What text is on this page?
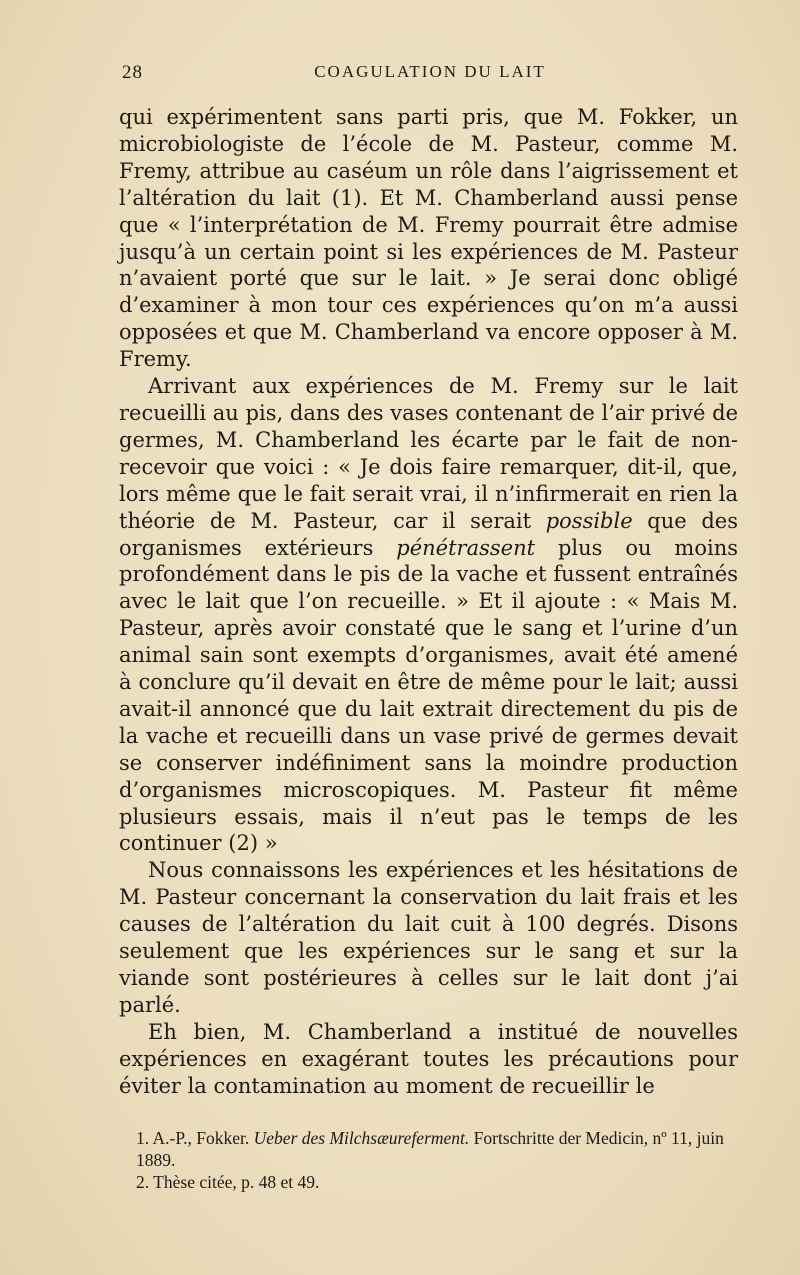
28	COAGULATION DU LAIT

qui expérimentent sans parti pris, que M. Fokker, un microbiologiste de l’école de M. Pasteur, comme M. Fremy, attribue au caséum un rôle dans l’aigrissement et l’altération du lait (1). Et M. Chamberland aussi pense que « l’interprétation de M. Fremy pourrait être admise jusqu’à un certain point si les expériences de M. Pasteur n’avaient porté que sur le lait. » Je serai donc obligé d’examiner à mon tour ces expériences qu’on m’a aussi opposées et que M. Chamberland va encore opposer à M. Fremy.

Arrivant aux expériences de M. Fremy sur le lait recueilli au pis, dans des vases contenant de l’air privé de germes, M. Chamberland les écarte par le fait de non-recevoir que voici : « Je dois faire remarquer, dit-il, que, lors même que le fait serait vrai, il n’infirmerait en rien la théorie de M. Pasteur, car il serait possible que des organismes extérieurs pénétrassent plus ou moins profondément dans le pis de la vache et fussent entraînés avec le lait que l’on recueille. » Et il ajoute : « Mais M. Pasteur, après avoir constaté que le sang et l’urine d’un animal sain sont exempts d’organismes, avait été amené à conclure qu’il devait en être de même pour le lait; aussi avait-il annoncé que du lait extrait directement du pis de la vache et recueilli dans un vase privé de germes devait se conserver indéfiniment sans la moindre production d’organismes microscopiques. M. Pasteur fit même plusieurs essais, mais il n’eut pas le temps de les continuer (2) »

Nous connaissons les expériences et les hésitations de M. Pasteur concernant la conservation du lait frais et les causes de l’altération du lait cuit à 100 degrés. Disons seulement que les expériences sur le sang et sur la viande sont postérieures à celles sur le lait dont j’ai parlé.

Eh bien, M. Chamberland a institué de nouvelles expériences en exagérant toutes les précautions pour éviter la contamination au moment de recueillir le

1. A.-P., Fokker. Ueber des Milchsæureferment. Fortschritte der Medicin, nº 11, juin 1889.

2. Thèse citée, p. 48 et 49.
